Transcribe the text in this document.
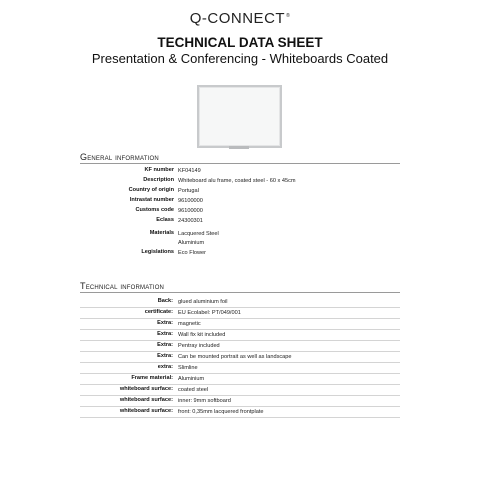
Q-CONNECT®
TECHNICAL DATA SHEET
Presentation & Conferencing - Whiteboards Coated
General information
KF number KF04149
Description Whiteboard alu frame, coated steel - 60 x 45cm
Country of origin Portugal
Intrastat number 96100000
Customs code 96100000
Eclass 24300301
Materials Lacquered Steel
Aluminium
Legislations Eco Flower
Technical information
Back: glued aluminium foil
certificate: EU Ecolabel: PT/049/001
Extra: magnetic
Extra: Wall fix kit included
Extra: Pentray included
Extra: Can be mounted portrait as well as landscape
extra: Slimline
Frame material: Aluminium
whiteboard surface: coated steel
whiteboard surface: inner: 9mm softboard
whiteboard surface: front: 0,35mm lacquered frontplate
